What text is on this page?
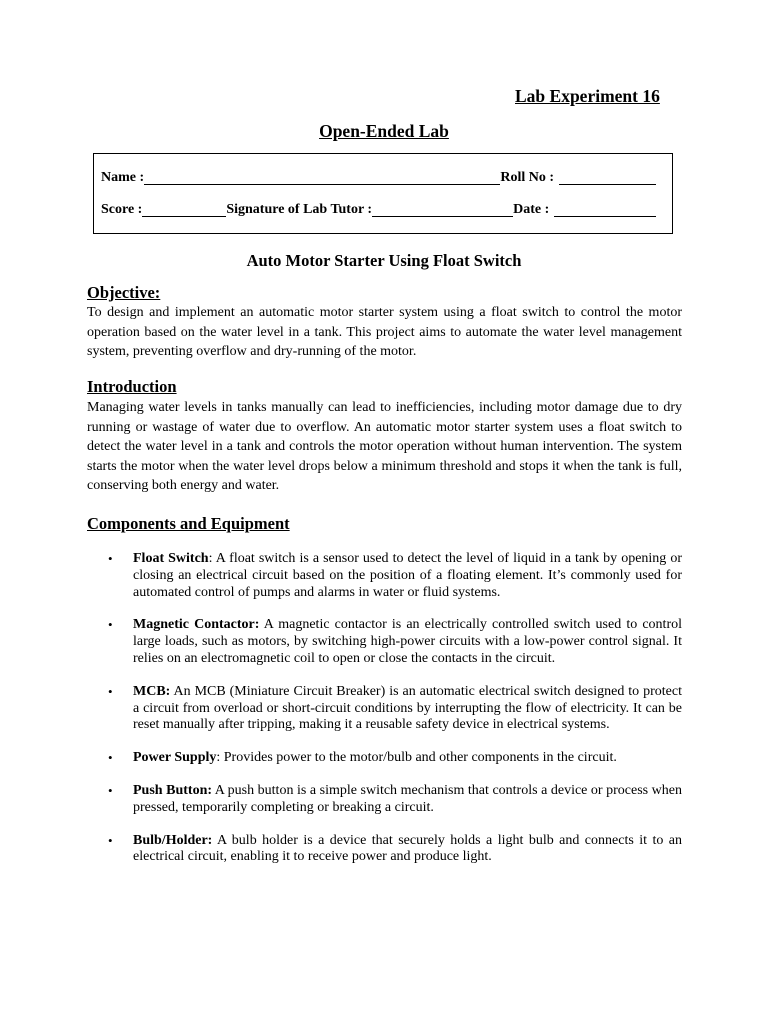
Lab Experiment 16
Open-Ended Lab
Name :	Roll No :
Score :	Signature of Lab Tutor :	Date :
Auto Motor Starter Using Float Switch
Objective:
To design and implement an automatic motor starter system using a float switch to control the motor operation based on the water level in a tank. This project aims to automate the water level management system, preventing overflow and dry-running of the motor.
Introduction
Managing water levels in tanks manually can lead to inefficiencies, including motor damage due to dry running or wastage of water due to overflow. An automatic motor starter system uses a float switch to detect the water level in a tank and controls the motor operation without human intervention. The system starts the motor when the water level drops below a minimum threshold and stops it when the tank is full, conserving both energy and water.
Components and Equipment
• Float Switch: A float switch is a sensor used to detect the level of liquid in a tank by opening or closing an electrical circuit based on the position of a floating element. It’s commonly used for automated control of pumps and alarms in water or fluid systems.
• Magnetic Contactor: A magnetic contactor is an electrically controlled switch used to control large loads, such as motors, by switching high-power circuits with a low-power control signal. It relies on an electromagnetic coil to open or close the contacts in the circuit.
• MCB: An MCB (Miniature Circuit Breaker) is an automatic electrical switch designed to protect a circuit from overload or short-circuit conditions by interrupting the flow of electricity. It can be reset manually after tripping, making it a reusable safety device in electrical systems.
• Power Supply: Provides power to the motor/bulb and other components in the circuit.
• Push Button: A push button is a simple switch mechanism that controls a device or process when pressed, temporarily completing or breaking a circuit.
• Bulb/Holder: A bulb holder is a device that securely holds a light bulb and connects it to an electrical circuit, enabling it to receive power and produce light.
